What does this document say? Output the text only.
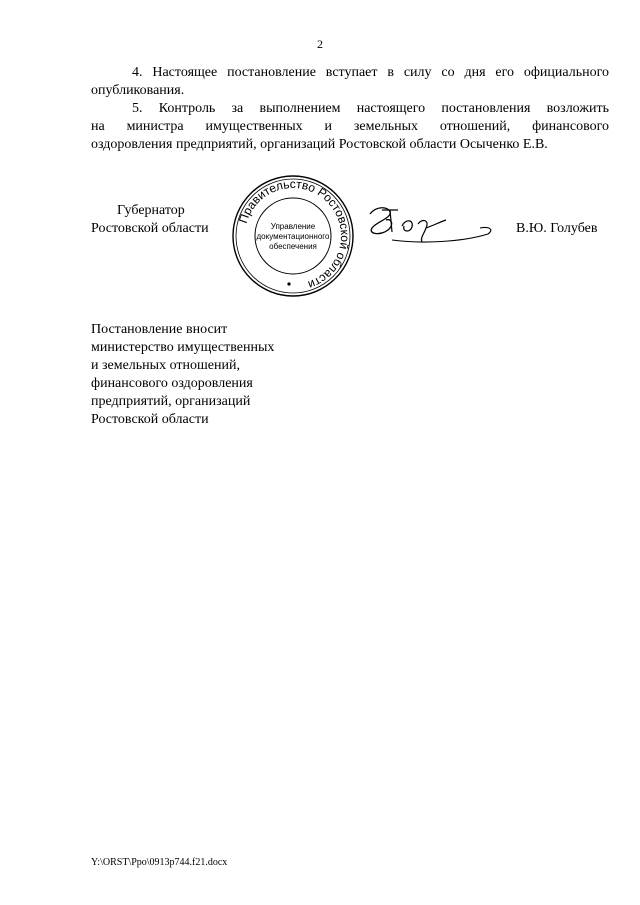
2
4. Настоящее постановление вступает в силу со дня его официального
опубликования.
5. Контроль за выполнением настоящего постановления возложить
на министра имущественных и земельных отношений, финансового
оздоровления предприятий, организаций Ростовской области Осыченко Е.В.
Губернатор
Ростовской области	В.Ю. Голубев
Правительство Ростовской области
Управление
документационного
обеспечения
Постановление вносит
министерство имущественных
и земельных отношений,
финансового оздоровления
предприятий, организаций
Ростовской области
Y:\ORST\Ppo\0913p744.f21.docx
